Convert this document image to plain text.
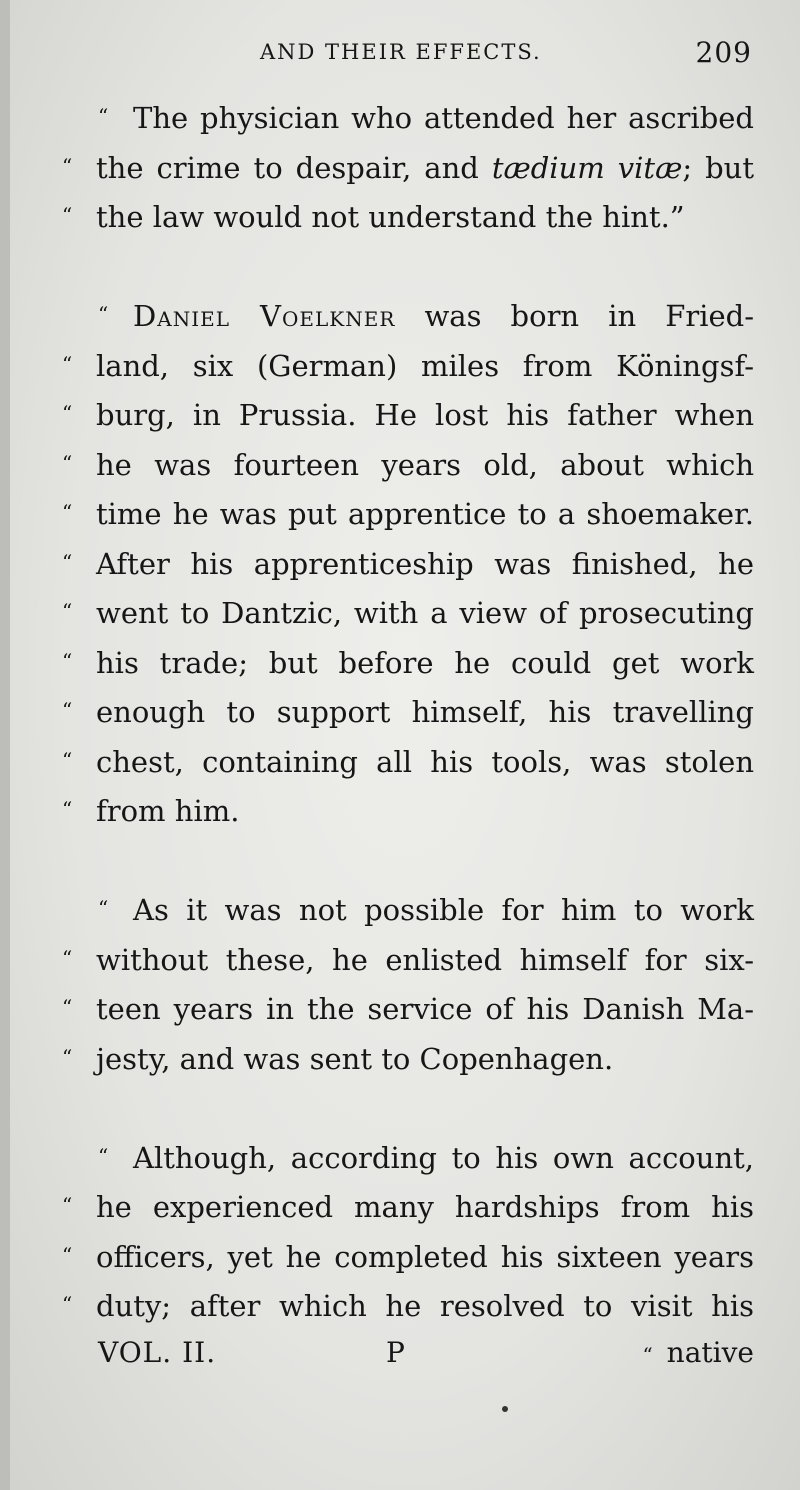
AND THEIR EFFECTS.	209
“ The physician who attended her ascribed
“ the crime to despair, and tædium vitæ; but
“ the law would not understand the hint.”
“ Daniel Voelkner was born in Fried-
“ land, six (German) miles from Köningsf-
“ burg, in Prussia. He lost his father when
“ he was fourteen years old, about which
“ time he was put apprentice to a shoemaker.
“ After his apprenticeship was finished, he
“ went to Dantzic, with a view of prosecuting
“ his trade; but before he could get work
“ enough to support himself, his travelling
“ chest, containing all his tools, was stolen
“ from him.
“ As it was not possible for him to work
“ without these, he enlisted himself for six-
“ teen years in the service of his Danish Ma-
“ jesty, and was sent to Copenhagen.
“ Although, according to his own account,
“ he experienced many hardships from his
“ officers, yet he completed his sixteen years
“ duty; after which he resolved to visit his
VOL. II.	P	“ native
